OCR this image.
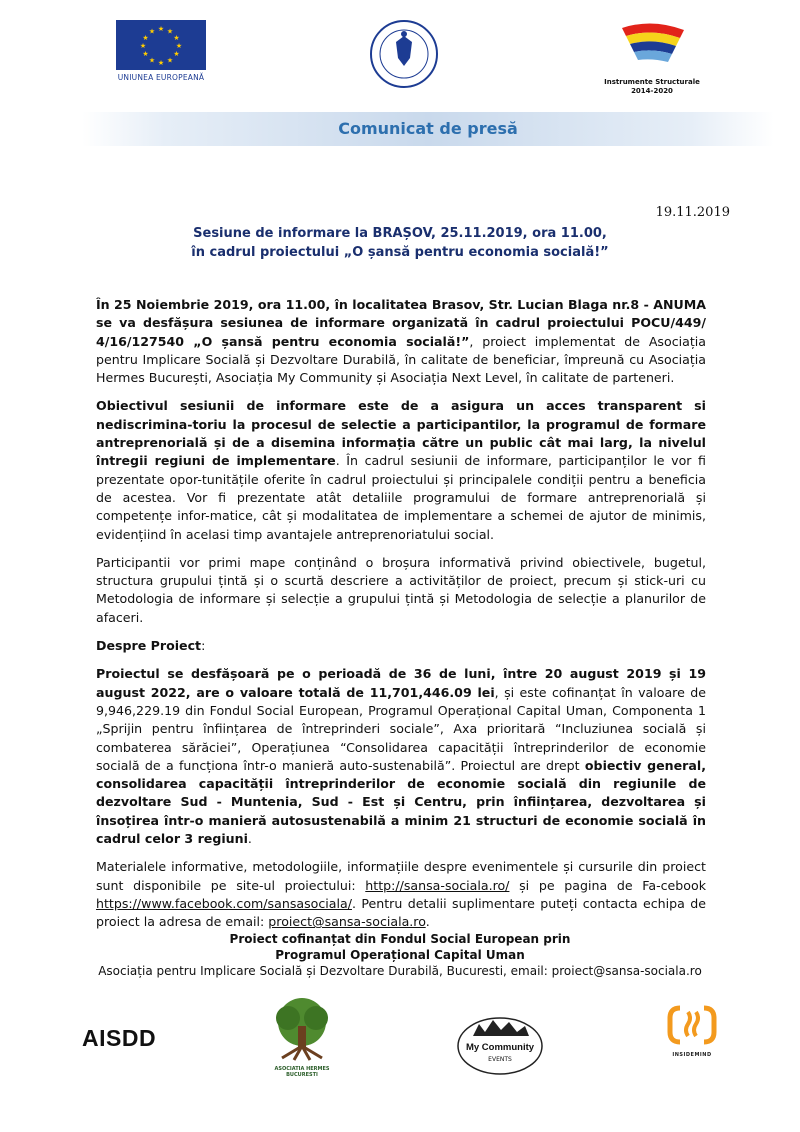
★ ★
★
★
★
★
★
★
★
★
★
★
UNIUNEA EUROPEANĂ	Instrumente Structurale
2014-2020
Comunicat de presă
19.11.2019
Sesiune de informare la BRAȘOV, 25.11.2019, ora 11.00,
în cadrul proiectului „O șansă pentru economia socială!”

În 25 Noiembrie 2019, ora 11.00, în localitatea Brasov, Str. Lucian Blaga nr.8 - ANUMA se va desfășura sesiunea de informare organizată în cadrul proiectului POCU/449/ 4/16/127540 „O șansă pentru economia socială!”, proiect implementat de Asociația pentru Implicare Socială și Dezvoltare Durabilă, în calitate de beneficiar, împreună cu Asociația Hermes București, Asociația My Community și Asociația Next Level, în calitate de parteneri.

Obiectivul sesiunii de informare este de a asigura un acces transparent si nediscrimina-toriu la procesul de selectie a participantilor, la programul de formare antreprenorială și de a disemina informația către un public cât mai larg, la nivelul întregii regiuni de implementare. În cadrul sesiunii de informare, participanților le vor fi prezentate opor-tunitățile oferite în cadrul proiectului și principalele condiții pentru a beneficia de acestea. Vor fi prezentate atât detaliile programului de formare antreprenorială și competențe infor-matice, cât și modalitatea de implementare a schemei de ajutor de minimis, evidențiind în acelasi timp avantajele antreprenoriatului social.

Participantii vor primi mape conținând o broșura informativă privind obiectivele, bugetul, structura grupului țintă și o scurtă descriere a activităților de proiect, precum și stick-uri cu Metodologia de informare și selecție a grupului țintă și Metodologia de selecție a planurilor de afaceri.

Despre Proiect:

Proiectul se desfășoară pe o perioadă de 36 de luni, între 20 august 2019 și 19 august 2022, are o valoare totală de 11,701,446.09 lei, și este cofinanțat în valoare de 9,946,229.19 din Fondul Social European, Programul Operațional Capital Uman, Componenta 1 „Sprijin pentru înființarea de întreprinderi sociale”, Axa prioritară “Incluziunea socială și combaterea sărăciei”, Operațiunea “Consolidarea capacității întreprinderilor de economie socială de a funcționa într-o manieră auto-sustenabilă”. Proiectul are drept obiectiv general, consolidarea capacității întreprinderilor de economie socială din regiunile de dezvoltare Sud - Muntenia, Sud - Est și Centru, prin înființarea, dezvoltarea și însoțirea într-o manieră autosustenabilă a minim 21 structuri de economie socială în cadrul celor 3 regiuni.

Materialele informative, metodologiile, informațiile despre evenimentele și cursurile din proiect sunt disponibile pe site-ul proiectului: http://sansa-sociala.ro/ și pe pagina de Fa-cebook https://www.facebook.com/sansasociala/. Pentru detalii suplimentare puteți contacta echipa de proiect la adresa de email: proiect@sansa-sociala.ro.

Proiect cofinanțat din Fondul Social European prin
Programul Operațional Capital Uman
Asociația pentru Implicare Socială și Dezvoltare Durabilă, Bucuresti, email: proiect@sansa-sociala.ro
AISDD
ASOCIATIA HERMES BUCURESTI
My Community
EVENTS
INSIDEMIND
